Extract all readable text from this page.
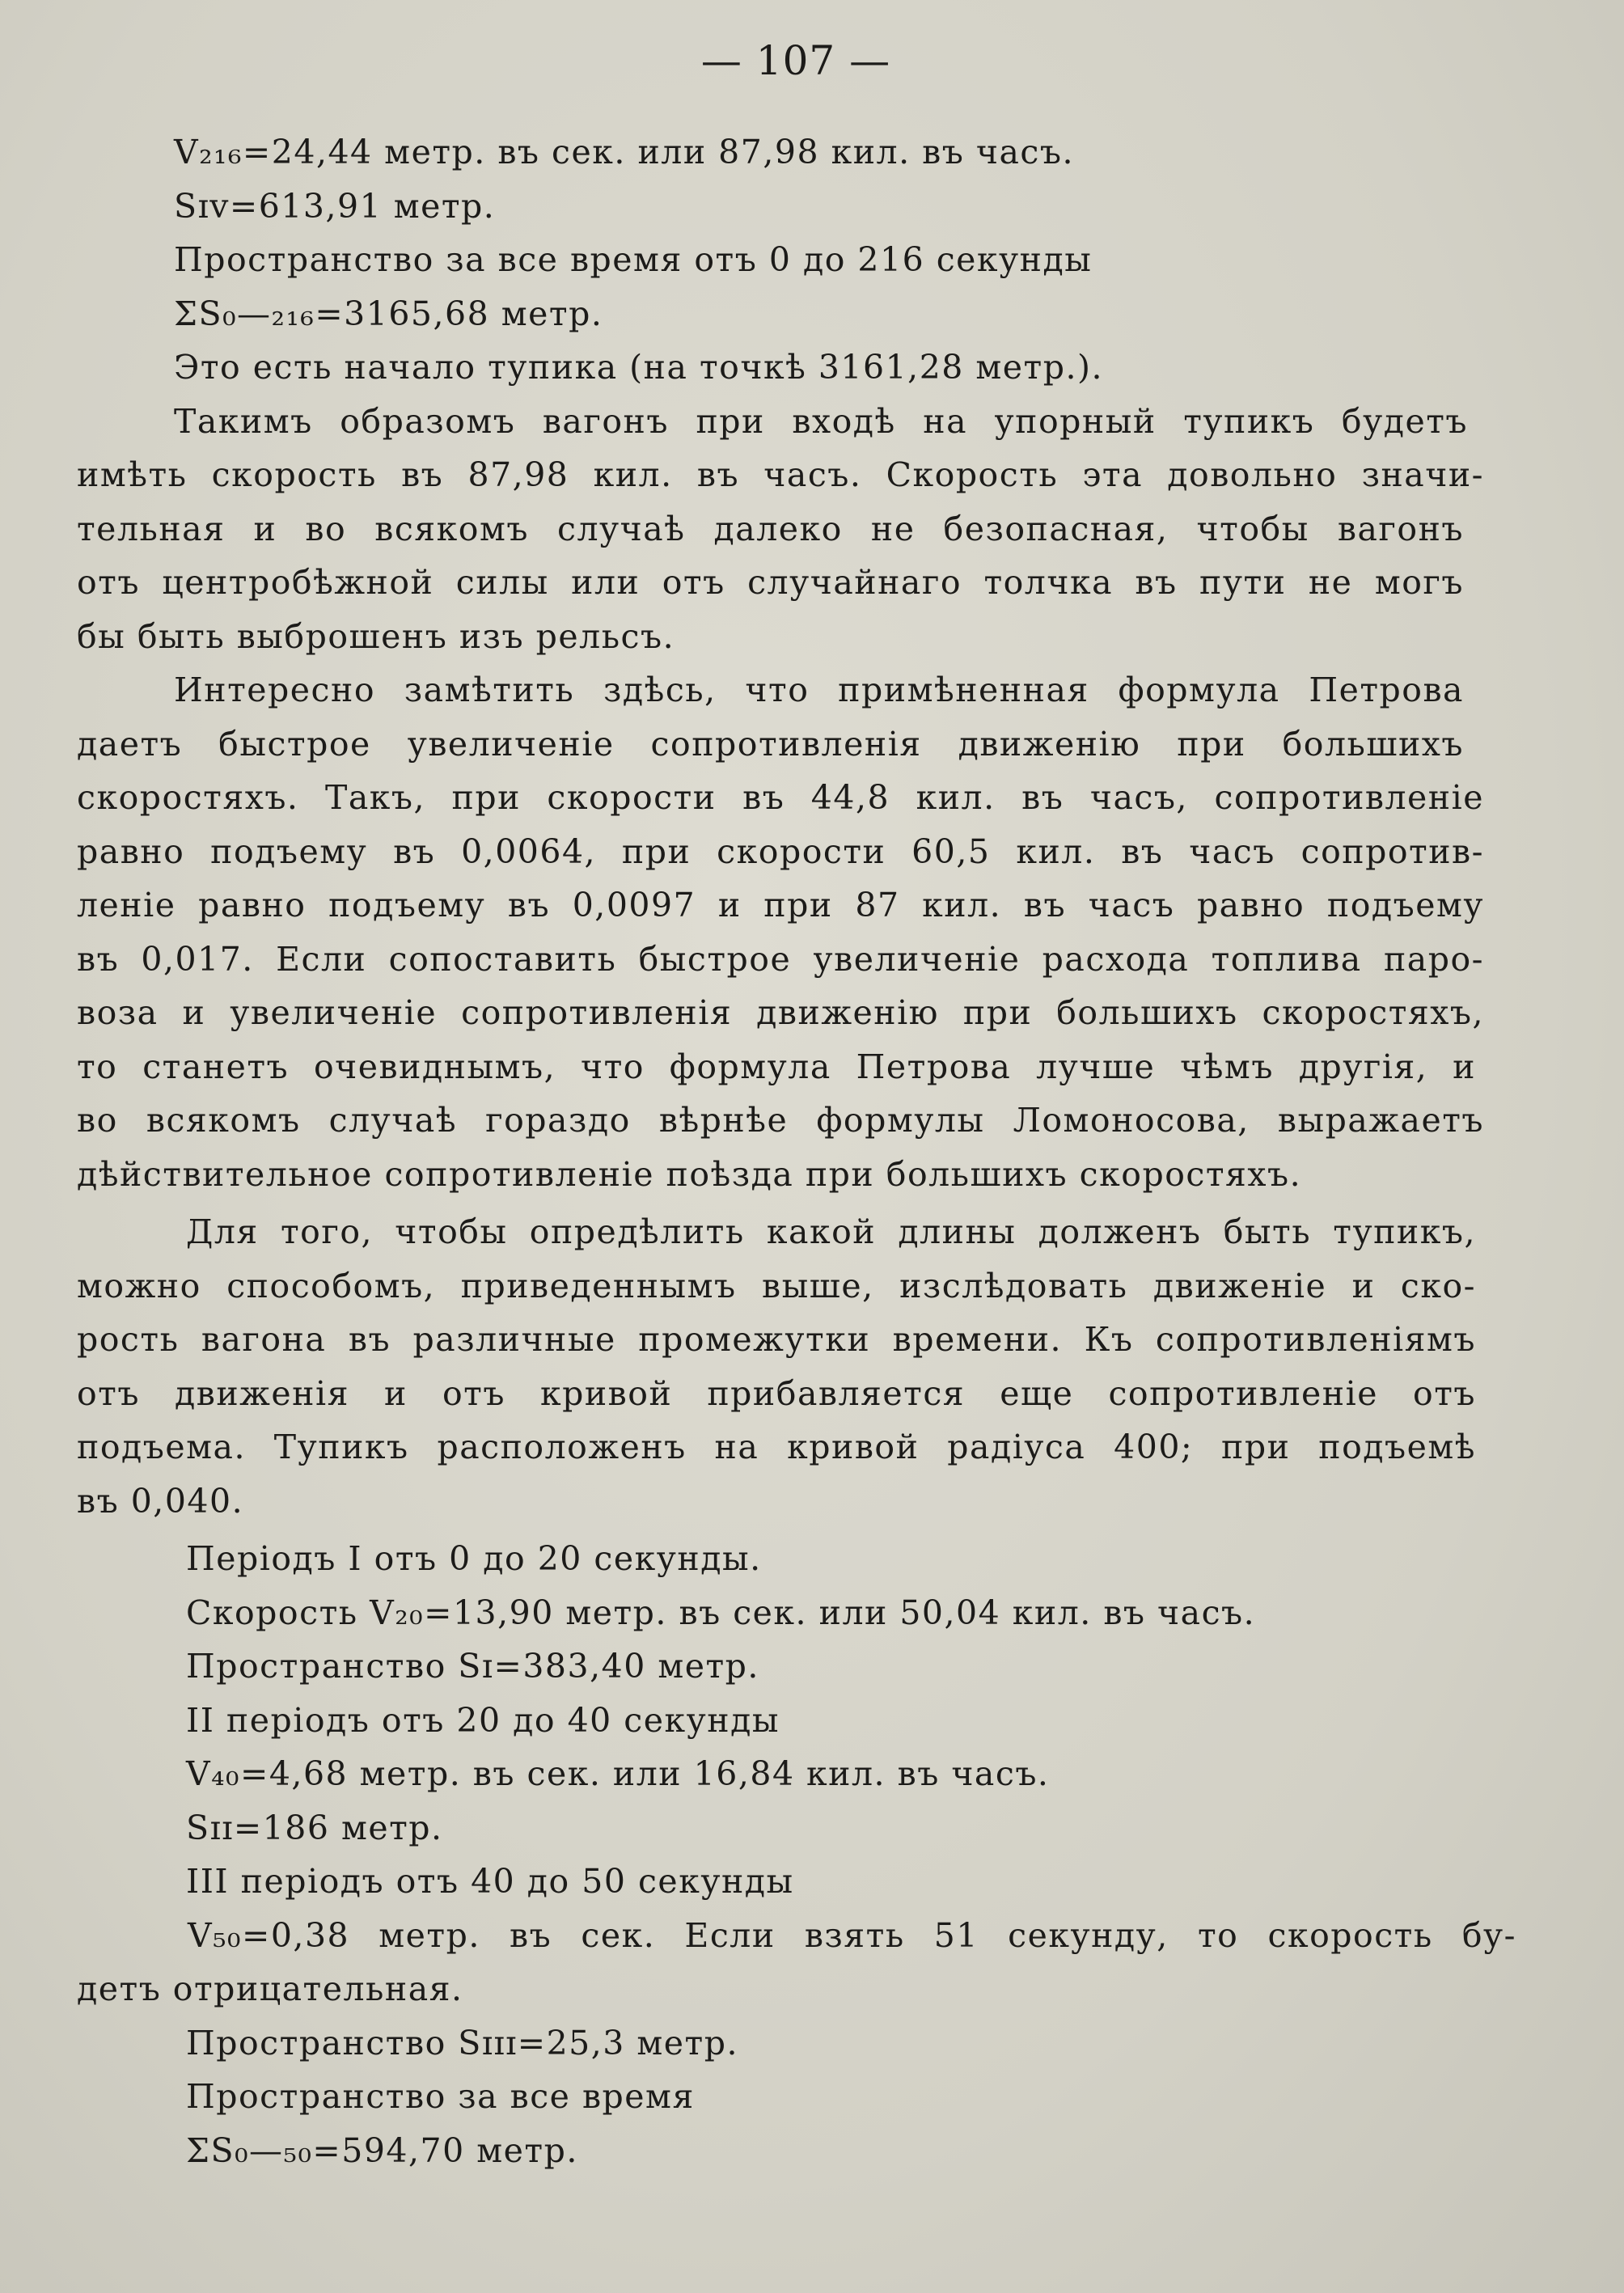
— 107 —
V₂₁₆=24,44 метр. въ сек. или 87,98 кил. въ часъ.
Sɪᴠ=613,91 метр.
Пространство за все время отъ 0 до 216 секунды
ΣS₀—₂₁₆=3165,68 метр.
Это есть начало тупика (на точкѣ 3161,28 метр.).
Такимъ образомъ вагонъ при входѣ на упорный тупикъ будетъ
имѣть скорость въ 87,98 кил. въ часъ. Скорость эта довольно значи-
тельная и во всякомъ случаѣ далеко не безопасная, чтобы вагонъ
отъ центробѣжной силы или отъ случайнаго толчка въ пути не могъ
бы быть выброшенъ изъ рельсъ.
Интересно замѣтить здѣсь, что примѣненная формула Петрова
даетъ быстрое увеличеніе сопротивленія движенію при большихъ
скоростяхъ. Такъ, при скорости въ 44,8 кил. въ часъ, сопротивленіе
равно подъему въ 0,0064, при скорости 60,5 кил. въ часъ сопротив-
леніе равно подъему въ 0,0097 и при 87 кил. въ часъ равно подъему
въ 0,017. Если сопоставить быстрое увеличеніе расхода топлива паро-
воза и увеличеніе сопротивленія движенію при большихъ скоростяхъ,
то станетъ очевиднымъ, что формула Петрова лучше чѣмъ другія, и
во всякомъ случаѣ гораздо вѣрнѣе формулы Ломоносова, выражаетъ
дѣйствительное сопротивленіе поѣзда при большихъ скоростяхъ.
Для того, чтобы опредѣлить какой длины долженъ быть тупикъ,
можно способомъ, приведеннымъ выше, изслѣдовать движеніе и ско-
рость вагона въ различные промежутки времени. Къ сопротивленіямъ
отъ движенія и отъ кривой прибавляется еще сопротивленіе отъ
подъема. Тупикъ расположенъ на кривой радіуса 400; при подъемѣ
въ 0,040.
Періодъ I отъ 0 до 20 секунды.
Скорость V₂₀=13,90 метр. въ сек. или 50,04 кил. въ часъ.
Пространство Sɪ=383,40 метр.
II періодъ отъ 20 до 40 секунды
V₄₀=4,68 метр. въ сек. или 16,84 кил. въ часъ.
Sɪɪ=186 метр.
III періодъ отъ 40 до 50 секунды
V₅₀=0,38 метр. въ сек. Если взять 51 секунду, то скорость бу-
детъ отрицательная.
Пространство Sɪɪɪ=25,3 метр.
Пространство за все время
ΣS₀—₅₀=594,70 метр.
